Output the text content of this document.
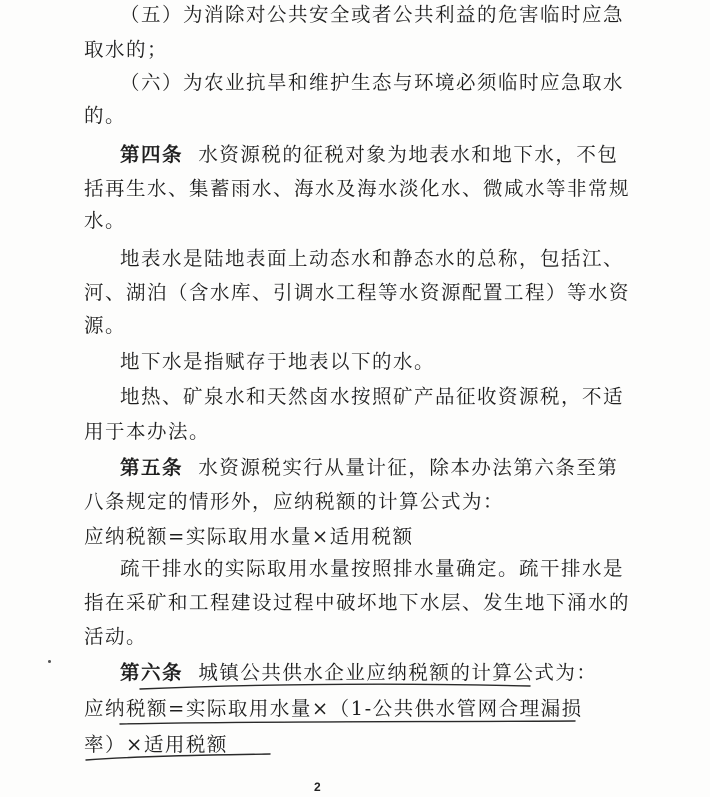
（五）为消除对公共安全或者公共利益的危害临时应急
取水的；
（六）为农业抗旱和维护生态与环境必须临时应急取水
的。
第四条 水资源税的征税对象为地表水和地下水，不包
括再生水、集蓄雨水、海水及海水淡化水、微咸水等非常规
水。
地表水是陆地表面上动态水和静态水的总称，包括江、
河、湖泊（含水库、引调水工程等水资源配置工程）等水资
源。
地下水是指赋存于地表以下的水。
地热、矿泉水和天然卤水按照矿产品征收资源税，不适
用于本办法。
第五条 水资源税实行从量计征，除本办法第六条至第
八条规定的情形外，应纳税额的计算公式为：
应纳税额=实际取用水量×适用税额
疏干排水的实际取用水量按照排水量确定。疏干排水是
指在采矿和工程建设过程中破坏地下水层、发生地下涌水的
活动。
第六条 城镇公共供水企业应纳税额的计算公式为：
应纳税额=实际取用水量×（1-公共供水管网合理漏损
率）×适用税额
2
